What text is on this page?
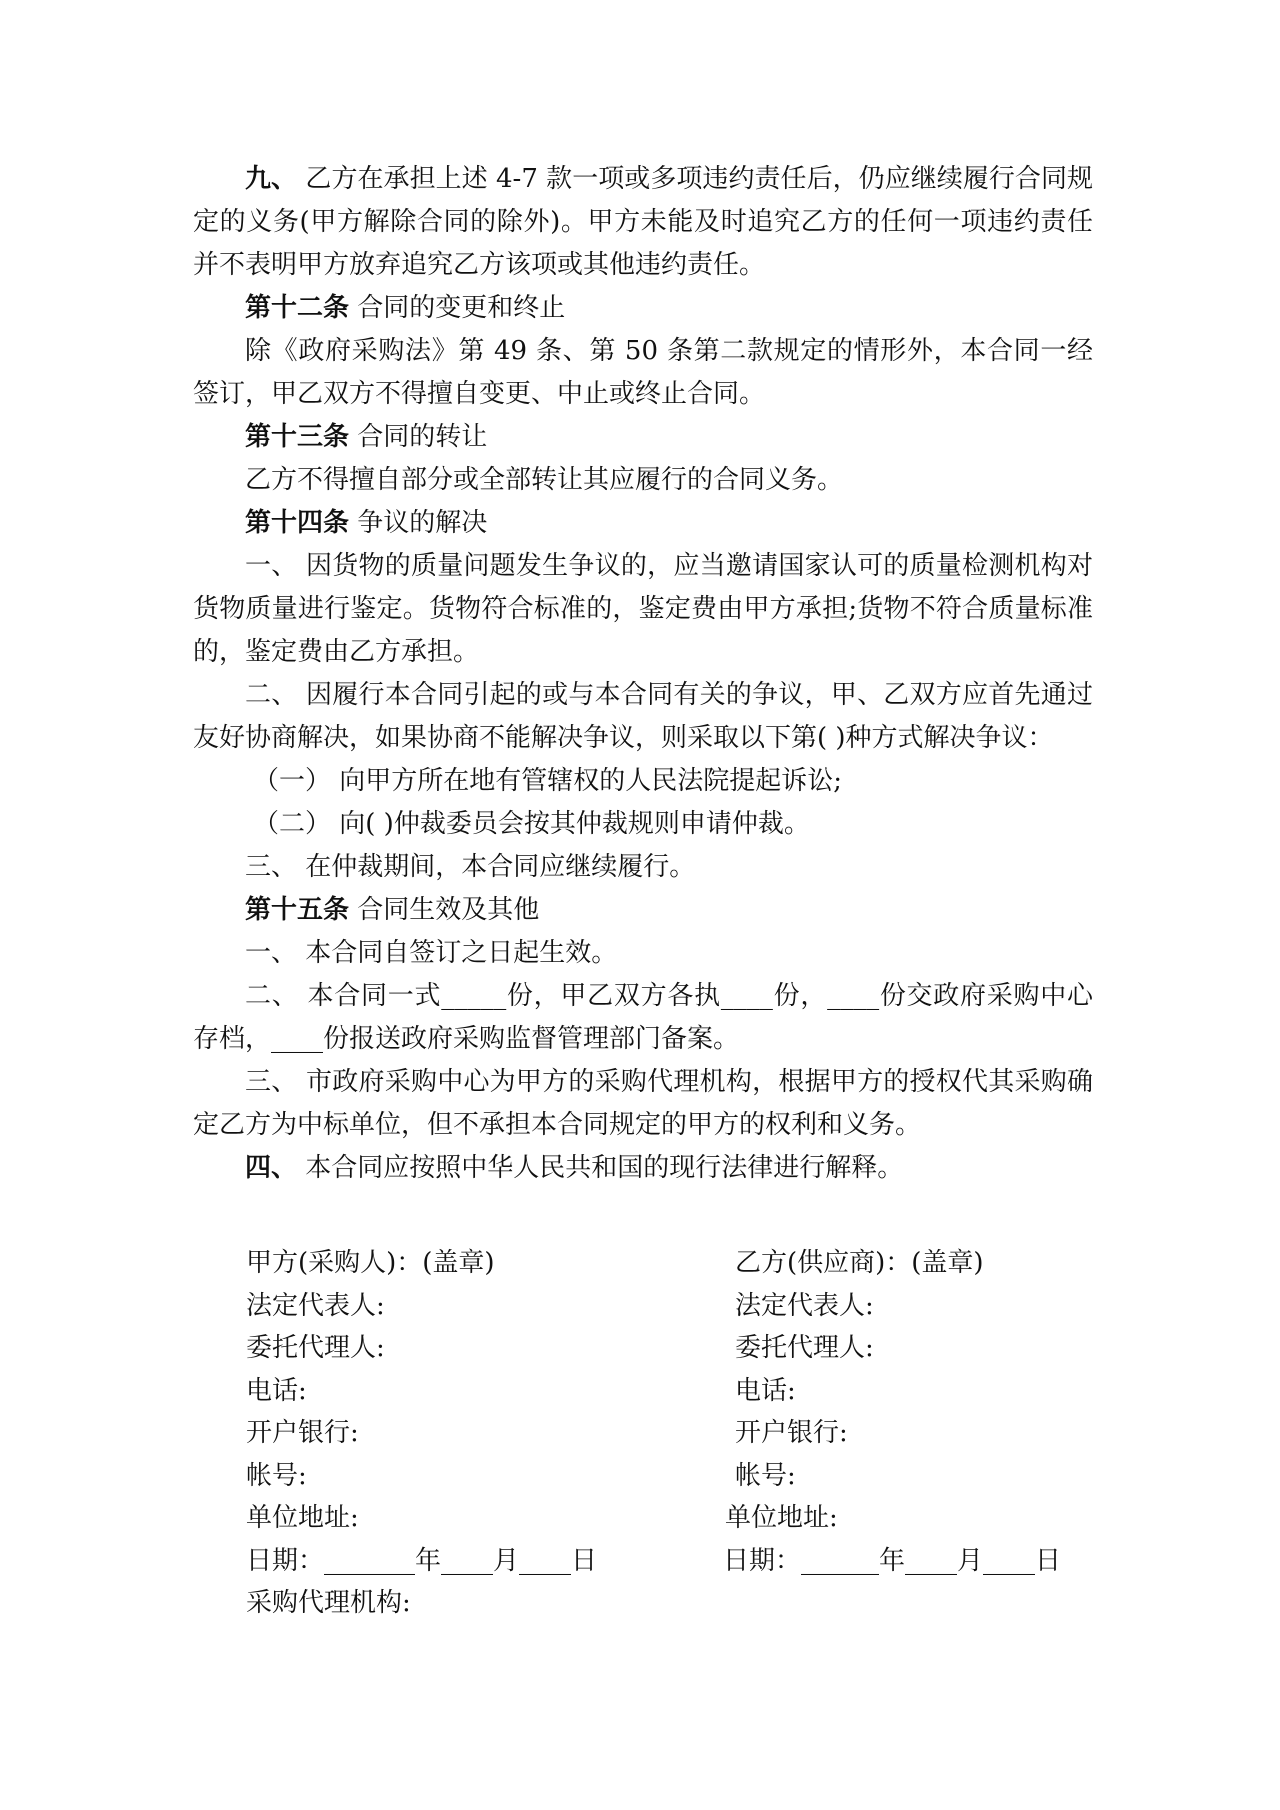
九、 乙方在承担上述 4-7 款一项或多项违约责任后，仍应继续履行合同规定的义务(甲方解除合同的除外)。甲方未能及时追究乙方的任何一项违约责任并不表明甲方放弃追究乙方该项或其他违约责任。

第十二条 合同的变更和终止

除《政府采购法》第 49 条、第 50 条第二款规定的情形外，本合同一经签订，甲乙双方不得擅自变更、中止或终止合同。

第十三条 合同的转让

乙方不得擅自部分或全部转让其应履行的合同义务。

第十四条 争议的解决

一、 因货物的质量问题发生争议的，应当邀请国家认可的质量检测机构对货物质量进行鉴定。货物符合标准的，鉴定费由甲方承担;货物不符合质量标准的，鉴定费由乙方承担。

二、 因履行本合同引起的或与本合同有关的争议，甲、乙双方应首先通过友好协商解决，如果协商不能解决争议，则采取以下第( )种方式解决争议：

（一） 向甲方所在地有管辖权的人民法院提起诉讼;

（二） 向( )仲裁委员会按其仲裁规则申请仲裁。

三、 在仲裁期间，本合同应继续履行。

第十五条 合同生效及其他

一、 本合同自签订之日起生效。

二、 本合同一式_____份，甲乙双方各执____份，____份交政府采购中心存档，____份报送政府采购监督管理部门备案。

三、 市政府采购中心为甲方的采购代理机构，根据甲方的授权代其采购确定乙方为中标单位，但不承担本合同规定的甲方的权利和义务。

四、 本合同应按照中华人民共和国的现行法律进行解释。

甲方(采购人)：(盖章)
法定代表人:
委托代理人:
电话:
开户银行:
帐号:
单位地址:
日期：_______年____月____日
采购代理机构:
乙方(供应商)：(盖章)
法定代表人:
委托代理人:
电话:
开户银行:
帐号:
单位地址:
日期：______年____月____日
